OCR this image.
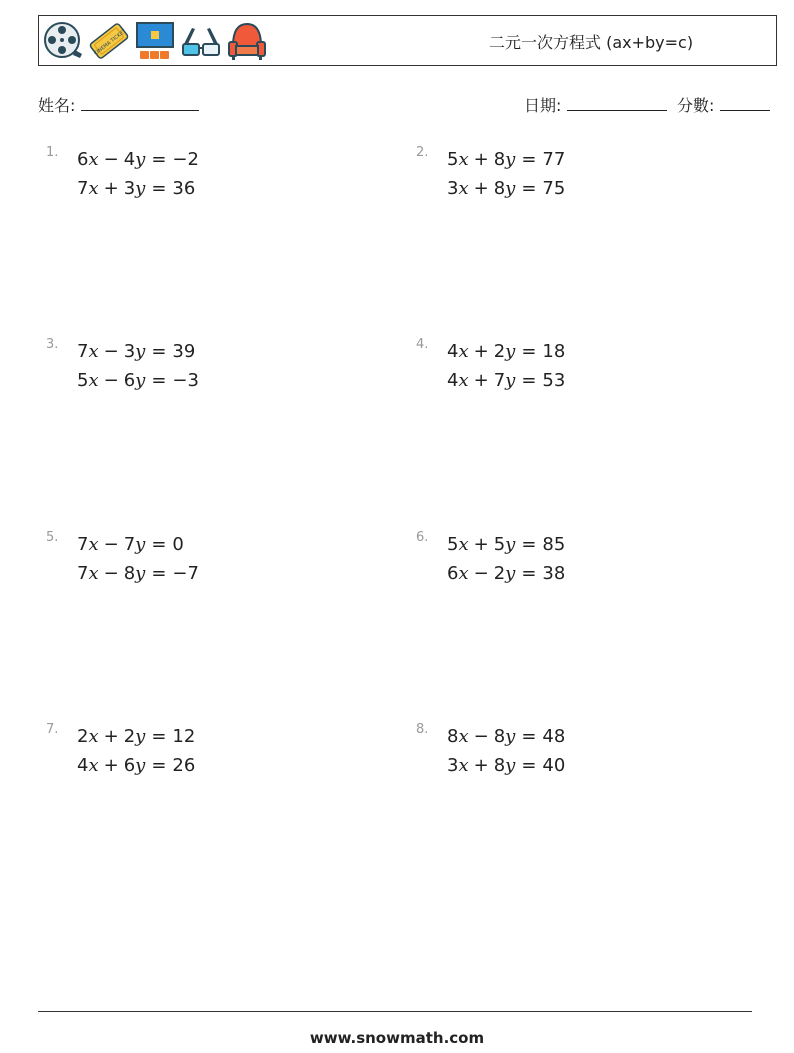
CINEMA TICKET	二元一次方程式 (ax+by=c)
姓名:	日期:	分數:
1. 6x − 4y = −2
7x + 3y = 36
2. 5x + 8y = 77
3x + 8y = 75
3. 7x − 3y = 39
5x − 6y = −3
4. 4x + 2y = 18
4x + 7y = 53
5. 7x − 7y = 0
7x − 8y = −7
6. 5x + 5y = 85
6x − 2y = 38
7. 2x + 2y = 12
4x + 6y = 26
8. 8x − 8y = 48
3x + 8y = 40
www.snowmath.com
